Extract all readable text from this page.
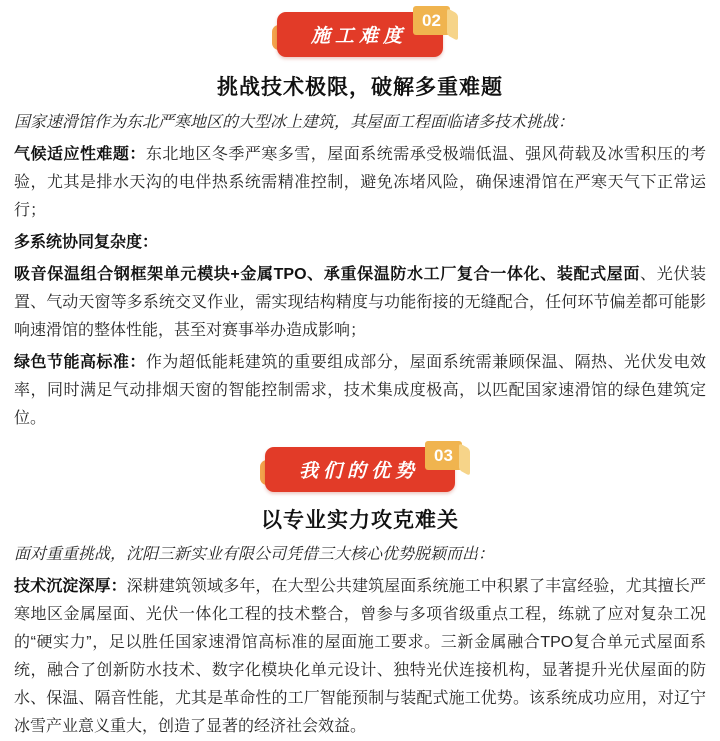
施工难度
02
挑战技术极限，破解多重难题

国家速滑馆作为东北严寒地区的大型冰上建筑，其屋面工程面临诸多技术挑战：

气候适应性难题：东北地区冬季严寒多雪，屋面系统需承受极端低温、强风荷载及冰雪积压的考验，尤其是排水天沟的电伴热系统需精准控制，避免冻堵风险，确保速滑馆在严寒天气下正常运行；

多系统协同复杂度：

吸音保温组合钢框架单元模块+金属TPO、承重保温防水工厂复合一体化、装配式屋面、光伏装置、气动天窗等多系统交叉作业，需实现结构精度与功能衔接的无缝配合，任何环节偏差都可能影响速滑馆的整体性能，甚至对赛事举办造成影响；

绿色节能高标准：作为超低能耗建筑的重要组成部分，屋面系统需兼顾保温、隔热、光伏发电效率，同时满足气动排烟天窗的智能控制需求，技术集成度极高，以匹配国家速滑馆的绿色建筑定位。

我们的优势
03
以专业实力攻克难关

面对重重挑战，沈阳三新实业有限公司凭借三大核心优势脱颖而出：

技术沉淀深厚：深耕建筑领域多年，在大型公共建筑屋面系统施工中积累了丰富经验，尤其擅长严寒地区金属屋面、光伏一体化工程的技术整合，曾参与多项省级重点工程，练就了应对复杂工况的“硬实力”，足以胜任国家速滑馆高标准的屋面施工要求。三新金属融合TPO复合单元式屋面系统，融合了创新防水技术、数字化模块化单元设计、独特光伏连接机构，显著提升光伏屋面的防水、保温、隔音性能，尤其是革命性的工厂智能预制与装配式施工优势。该系统成功应用，对辽宁冰雪产业意义重大，创造了显著的经济社会效益。
